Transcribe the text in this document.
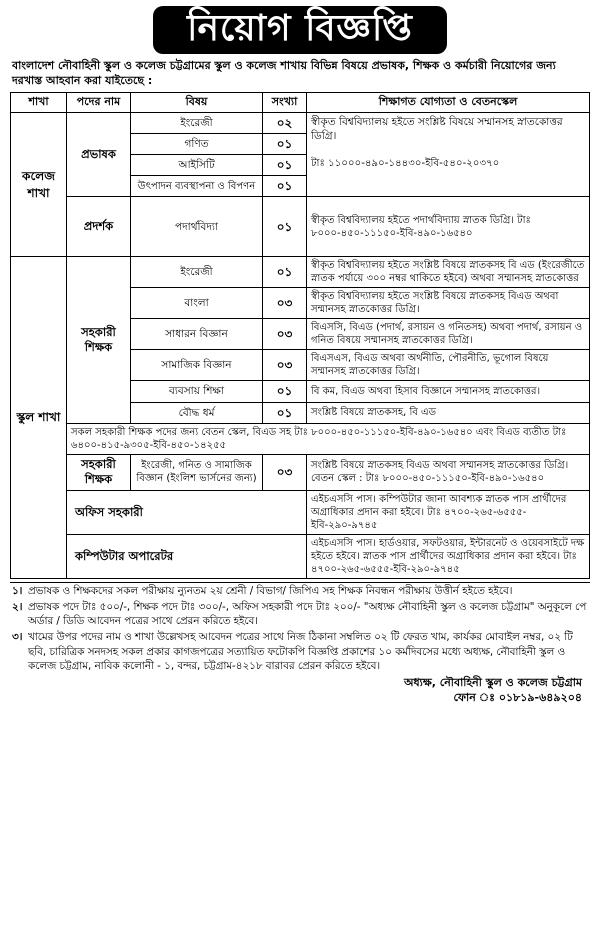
নিয়োগ বিজ্ঞপ্তি
বাংলাদেশ নৌবাহিনী স্কুল ও কলেজ চট্টগ্রামের স্কুল ও কলেজ শাখায় বিভিন্ন বিষয়ে প্রভাষক, শিক্ষক ও কর্মচারী নিয়োগের জন্য দরখাস্ত আহবান করা যাইতেছে :
শাখা	পদের নাম	বিষয়	সংখ্যা	শিক্ষাগত যোগ্যতা ও বেতনস্কেল
কলেজ শাখা	প্রভাষক	ইংরেজী	০২	স্বীকৃত বিশ্ববিদ্যালয় হইতে সংশ্লিষ্ট বিষয়ে সম্মানসহ স্নাতকোত্তর ডিগ্রি।
টাঃ ১১০০০-৪৯০-১৪৪৩০-ইবি-৫৪০-২০৩৭০

		গণিত	০১	
		আইসিটি	০১	
		উৎপাদন ব্যবস্থাপনা ও বিপণন	০১	
	প্রদর্শক	পদার্থবিদ্যা	০১	স্বীকৃত বিশ্ববিদ্যালয় হইতে পদার্থবিদ্যায় স্নাতক ডিগ্রি। টাঃ ৮০০০-৪৫০-১১১৫০-ইবি-৪৯০-১৬৫৪০
স্কুল শাখা	সহকারী শিক্ষক	ইংরেজী	০১	স্বীকৃত বিশ্ববিদ্যালয় হইতে সংশ্লিষ্ট বিষয়ে স্নাতকসহ বি এড (ইংরেজীতে স্নাতক পর্যায়ে ৩০০ নম্বর থাকিতে হইবে) অথবা সম্মানসহ স্নাতকোত্তর
		বাংলা	০৩	স্বীকৃত বিশ্ববিদ্যালয় হইতে সংশ্লিষ্ট বিষয়ে স্নাতকসহ বিএড অথবা সম্মানসহ স্নাতকোত্তর ডিগ্রি।
		সাধারন বিজ্ঞান	০৩	বিএসসি, বিএড (পদার্থ, রসায়ন ও গনিতসহ) অথবা পদার্থ, রসায়ন ও গনিত বিষয়ে সম্মানসহ স্নাতকোত্তর ডিগ্রি।
		সামাজিক বিজ্ঞান	০৩	বিএসএস, বিএড অথবা অর্থনীতি, পৌরনীতি, ভূগোল বিষয়ে সম্মানসহ স্নাতকোত্তর ডিগ্রি।
		ব্যবসায় শিক্ষা	০১	বি কম, বিএড অথবা হিসাব বিজ্ঞানে সম্মানসহ স্নাতকোত্তর।
		বৌদ্ধ ধর্ম	০১	সংশ্লিষ্ট বিষয়ে স্নাতকসহ, বি এড
	সকল সহকারী শিক্ষক পদের জন্য বেতন স্কেল, বিএড সহ টাঃ ৮০০০-৪৫০-১১১৫০-ইবি-৪৯০-১৬৫৪০ এবং বিএড ব্যতীত টাঃ ৬৪০০-৪১৫-৯৩০৫-ইবি-৪৫০-১৪২৫৫			
	সহকারী শিক্ষক	ইংরেজী, গনিত ও সামাজিক বিজ্ঞান (ইংলিশ ভার্সনের জন্য)	০৩	সংশ্লিষ্ট বিষয়ে স্নাতকসহ বিএড অথবা সম্মানসহ স্নাতকোত্তর ডিগ্রি। বেতন স্কেল : টাঃ ৮০০০-৪৫০-১১১৫০-ইবি-৪৯০-১৬৫৪০
	অফিস সহকারী			এইচএসসি পাস। কম্পিউটার জানা আবশ্যক স্নাতক পাস প্রার্থীদের অগ্রাধিকার প্রদান করা হইবে। টাঃ ৪৭০০-২৬৫-৬৫৫৫-ইবি-২৯০-৯৭৪৫
	কম্পিউটার অপারেটর			এইচএসসি পাস। হার্ডওয়ার, সফটওয়ার, ইন্টারনেট ও ওয়েবসাইটে দক্ষ হইতে হইবে। স্নাতক পাস প্রার্থীদের অগ্রাধিকার প্রদান করা হইবে। টাঃ ৪৭০০-২৬৫-৬৫৫৫-ইবি-২৯০-৯৭৪৫
১। প্রভাষক ও শিক্ষকদের সকল পরীক্ষায় ন্যুনতম ২য় শ্রেনী / বিভাগ/ জিপিএ সহ শিক্ষক নিবন্ধন পরীক্ষায় উত্তীর্ন হইতে হইবে।
২। প্রভাষক পদে টাঃ ৫০০/-, শিক্ষক পদে টাঃ ৩০০/-, অফিস সহকারী পদে টাঃ ২০০/- "অধ্যক্ষ নৌবাহিনী স্কুল ও কলেজ চট্টগ্রাম" অনুকূলে পে অর্ডার / ডিডি আবেদন পত্রের সাথে প্রেরন করিতে হইবে।
৩। খামের উপর পদের নাম ও শাখা উল্লেখসহ আবেদন পত্রের সাথে নিজ ঠিকানা সম্বলিত ০২ টি ফেরত খাম, কার্যকর মোবাইল নম্বর, ০২ টি ছবি, চারিত্রিক সনদসহ সকল প্রকার কাগজপত্রের সত্যায়িত ফটোকপি বিজ্ঞপ্তি প্রকাশের ১০ কর্মদিবসের মধ্যে অধ্যক্ষ, নৌবাহিনী স্কুল ও কলেজ চট্টগ্রাম, নাবিক কলোনী - ১, বন্দর, চট্টগ্রাম-৪২১৮ বারাবর প্রেরন করিতে হইবে।
অধ্যক্ষ, নৌবাহিনী স্কুল ও কলেজ চট্টগ্রাম
ফোন ঃ ০১৮১৯-৬৪৯২০৪
